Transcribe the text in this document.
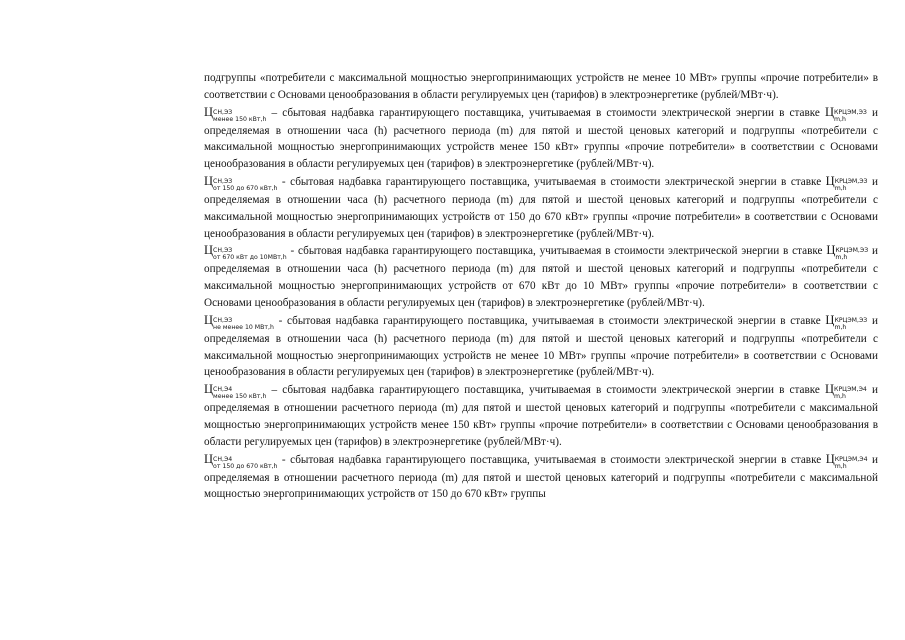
подгруппы «потребители с максимальной мощностью энергопринимающих устройств не менее 10 МВт» группы «прочие потребители» в соответствии с Основами ценообразования в области регулируемых цен (тарифов) в электроэнергетике (рублей/МВт·ч).

Ц СН,ЭЗ
менее 150 кВт,h
– сбытовая надбавка гарантирующего поставщика, учитываемая в стоимости электрической энергии в ставке Ц КРЦЭМ,ЭЗ
m,h
и определяемая в отношении часа (h) расчетного периода (m) для пятой и шестой ценовых категорий и подгруппы «потребители с максимальной мощностью энергопринимающих устройств менее 150 кВт» группы «прочие потребители» в соответствии с Основами ценообразования в области регулируемых цен (тарифов) в электроэнергетике (рублей/МВт·ч).

Ц СН,ЭЗ
от 150 до 670 кВт,h
- сбытовая надбавка гарантирующего поставщика, учитываемая в стоимости электрической энергии в ставке Ц КРЦЭМ,ЭЗ
m,h
и определяемая в отношении часа (h) расчетного периода (m) для пятой и шестой ценовых категорий и подгруппы «потребители с максимальной мощностью энергопринимающих устройств от 150 до 670 кВт» группы «прочие потребители» в соответствии с Основами ценообразования в области регулируемых цен (тарифов) в электроэнергетике (рублей/МВт·ч).

Ц СН,ЭЗ
от 670 кВт до 10МВт,h
- сбытовая надбавка гарантирующего поставщика, учитываемая в стоимости электрической энергии в ставке Ц КРЦЭМ,ЭЗ
m,h
и определяемая в отношении часа (h) расчетного периода (m) для пятой и шестой ценовых категорий и подгруппы «потребители с максимальной мощностью энергопринимающих устройств от 670 кВт до 10 МВт» группы «прочие потребители» в соответствии с Основами ценообразования в области регулируемых цен (тарифов) в электроэнергетике (рублей/МВт·ч).

Ц СН,ЭЗ
не менее 10 МВт,h
- сбытовая надбавка гарантирующего поставщика, учитываемая в стоимости электрической энергии в ставке Ц КРЦЭМ,ЭЗ
m,h
и определяемая в отношении часа (h) расчетного периода (m) для пятой и шестой ценовых категорий и подгруппы «потребители с максимальной мощностью энергопринимающих устройств не менее 10 МВт» группы «прочие потребители» в соответствии с Основами ценообразования в области регулируемых цен (тарифов) в электроэнергетике (рублей/МВт·ч).

Ц СН,Э4
менее 150 кВт,h
– сбытовая надбавка гарантирующего поставщика, учитываемая в стоимости электрической энергии в ставке Ц КРЦЭМ,Э4
m,h
и определяемая в отношении расчетного периода (m) для пятой и шестой ценовых категорий и подгруппы «потребители с максимальной мощностью энергопринимающих устройств менее 150 кВт» группы «прочие потребители» в соответствии с Основами ценообразования в области регулируемых цен (тарифов) в электроэнергетике (рублей/МВт·ч).

Ц СН,Э4
от 150 до 670 кВт,h
- сбытовая надбавка гарантирующего поставщика, учитываемая в стоимости электрической энергии в ставке Ц КРЦЭМ,Э4
m,h
и определяемая в отношении расчетного периода (m) для пятой и шестой ценовых категорий и подгруппы «потребители с максимальной мощностью энергопринимающих устройств от 150 до 670 кВт» группы
